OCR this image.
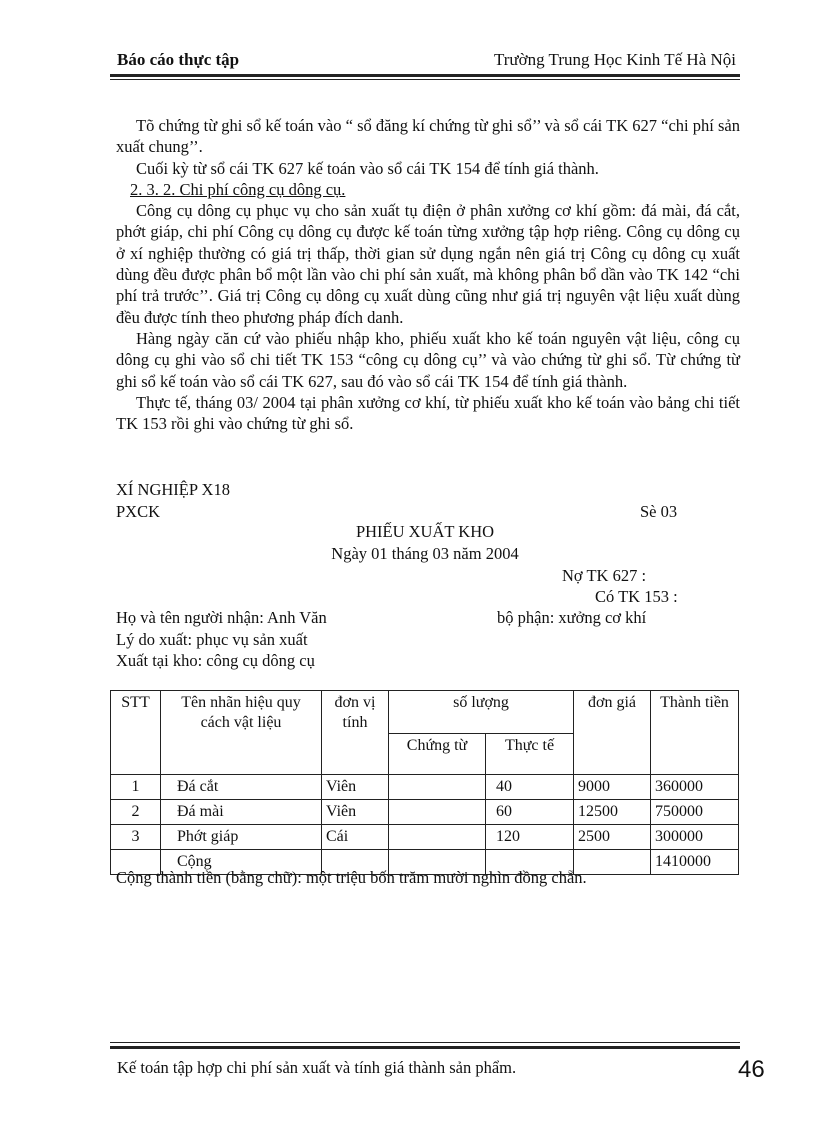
Báo cáo thực tập	Trường Trung Học Kinh Tế Hà Nội

Tõ chứng từ ghi sổ kế toán vào “ sổ đăng kí chứng từ ghi sổ’’ và sổ cái TK 627 “chi phí sản xuất chung’’.

Cuối kỳ từ sổ cái TK 627 kế toán vào sổ cái TK 154 để tính giá thành.

2. 3. 2. Chi phí công cụ dông cụ.

Công cụ dông cụ phục vụ cho sản xuất tụ điện ở phân xưởng cơ khí gồm: đá mài, đá cắt, phớt giáp, chi phí Công cụ dông cụ được kế toán từng xưởng tập hợp riêng. Công cụ dông cụ ở xí nghiệp thường có giá trị thấp, thời gian sử dụng ngắn nên giá trị Công cụ dông cụ xuất dùng đều được phân bổ một lần vào chi phí sản xuất, mà không phân bổ dần vào TK 142 “chi phí trả trước’’. Giá trị Công cụ dông cụ xuất dùng cũng như giá trị nguyên vật liệu xuất dùng đều được tính theo phương pháp đích danh.

Hàng ngày căn cứ vào phiếu nhập kho, phiếu xuất kho kế toán nguyên vật liệu, công cụ dông cụ ghi vào sổ chi tiết TK 153 “công cụ dông cụ’’ và vào chứng từ ghi sổ. Từ chứng từ ghi sổ kế toán vào sổ cái TK 627, sau đó vào sổ cái TK 154 để tính giá thành.

Thực tế, tháng 03/ 2004 tại phân xưởng cơ khí, từ phiếu xuất kho kế toán vào bảng chi tiết TK 153 rồi ghi vào chứng từ ghi sổ.

XÍ NGHIỆP X18
PXCK	Sè 03
PHIẾU XUẤT KHO
Ngày 01 tháng 03 năm 2004
Nợ TK 627 :
Có TK 153 :
Họ và tên người nhận: Anh Văn	bộ phận: xưởng cơ khí
Lý do xuất: phục vụ sản xuất
Xuất tại kho: công cụ dông cụ
STT	Tên nhãn hiệu quy cách vật liệu	đơn vị tính	số lượng		đơn giá	Thành tiền
			Chứng từ	Thực tế		
1	Đá cắt	Viên		40	9000	360000
2	Đá mài	Viên		60	12500	750000
3	Phớt giáp	Cái		120	2500	300000
	Cộng					1410000
Cộng thành tiền (bằng chữ): một triệu bốn trăm mười nghìn đồng chẵn.
Kế toán tập hợp chi phí sản xuất và tính giá thành sản phẩm.	46
